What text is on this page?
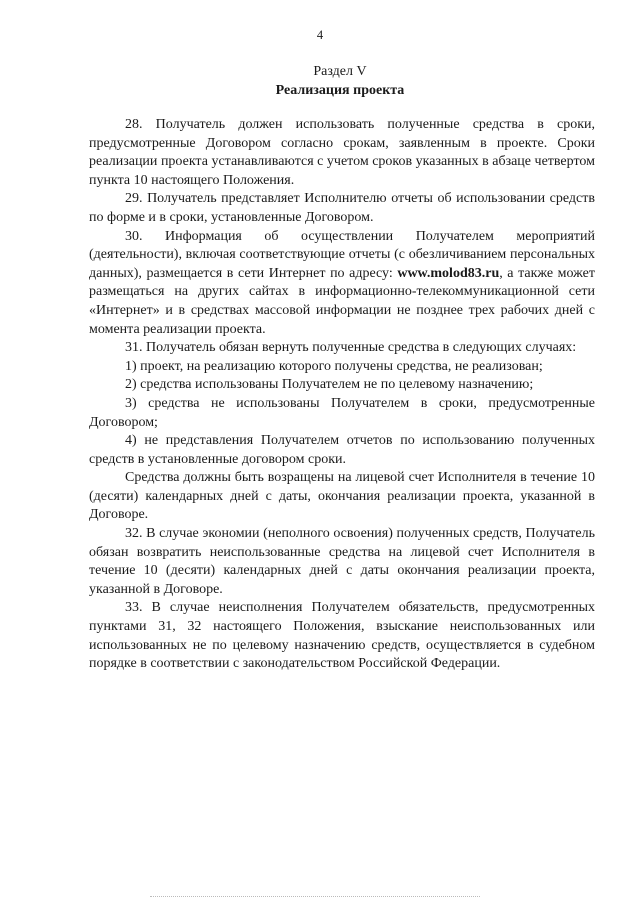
4
Раздел V
Реализация проекта

28. Получатель должен использовать полученные средства в сроки, предусмотренные Договором согласно срокам, заявленным в проекте. Сроки реализации проекта устанавливаются с учетом сроков указанных в абзаце четвертом пункта 10 настоящего Положения.

29. Получатель представляет Исполнителю отчеты об использовании средств по форме и в сроки, установленные Договором.

30. Информация об осуществлении Получателем мероприятий (деятельности), включая соответствующие отчеты (с обезличиванием персональных данных), размещается в сети Интернет по адресу: www.molod83.ru, а также может размещаться на других сайтах в информационно-телекоммуникационной сети «Интернет» и в средствах массовой информации не позднее трех рабочих дней с момента реализации проекта.

31. Получатель обязан вернуть полученные средства в следующих случаях:

1) проект, на реализацию которого получены средства, не реализован;

2) средства использованы Получателем не по целевому назначению;

3) средства не использованы Получателем в сроки, предусмотренные Договором;

4) не представления Получателем отчетов по использованию полученных средств в установленные договором сроки.

Средства должны быть возращены на лицевой счет Исполнителя в течение 10 (десяти) календарных дней с даты, окончания реализации проекта, указанной в Договоре.

32. В случае экономии (неполного освоения) полученных средств, Получатель обязан возвратить неиспользованные средства на лицевой счет Исполнителя в течение 10 (десяти) календарных дней с даты окончания реализации проекта, указанной в Договоре.

33. В случае неисполнения Получателем обязательств, предусмотренных пунктами 31, 32 настоящего Положения, взыскание неиспользованных или использованных не по целевому назначению средств, осуществляется в судебном порядке в соответствии с законодательством Российской Федерации.
